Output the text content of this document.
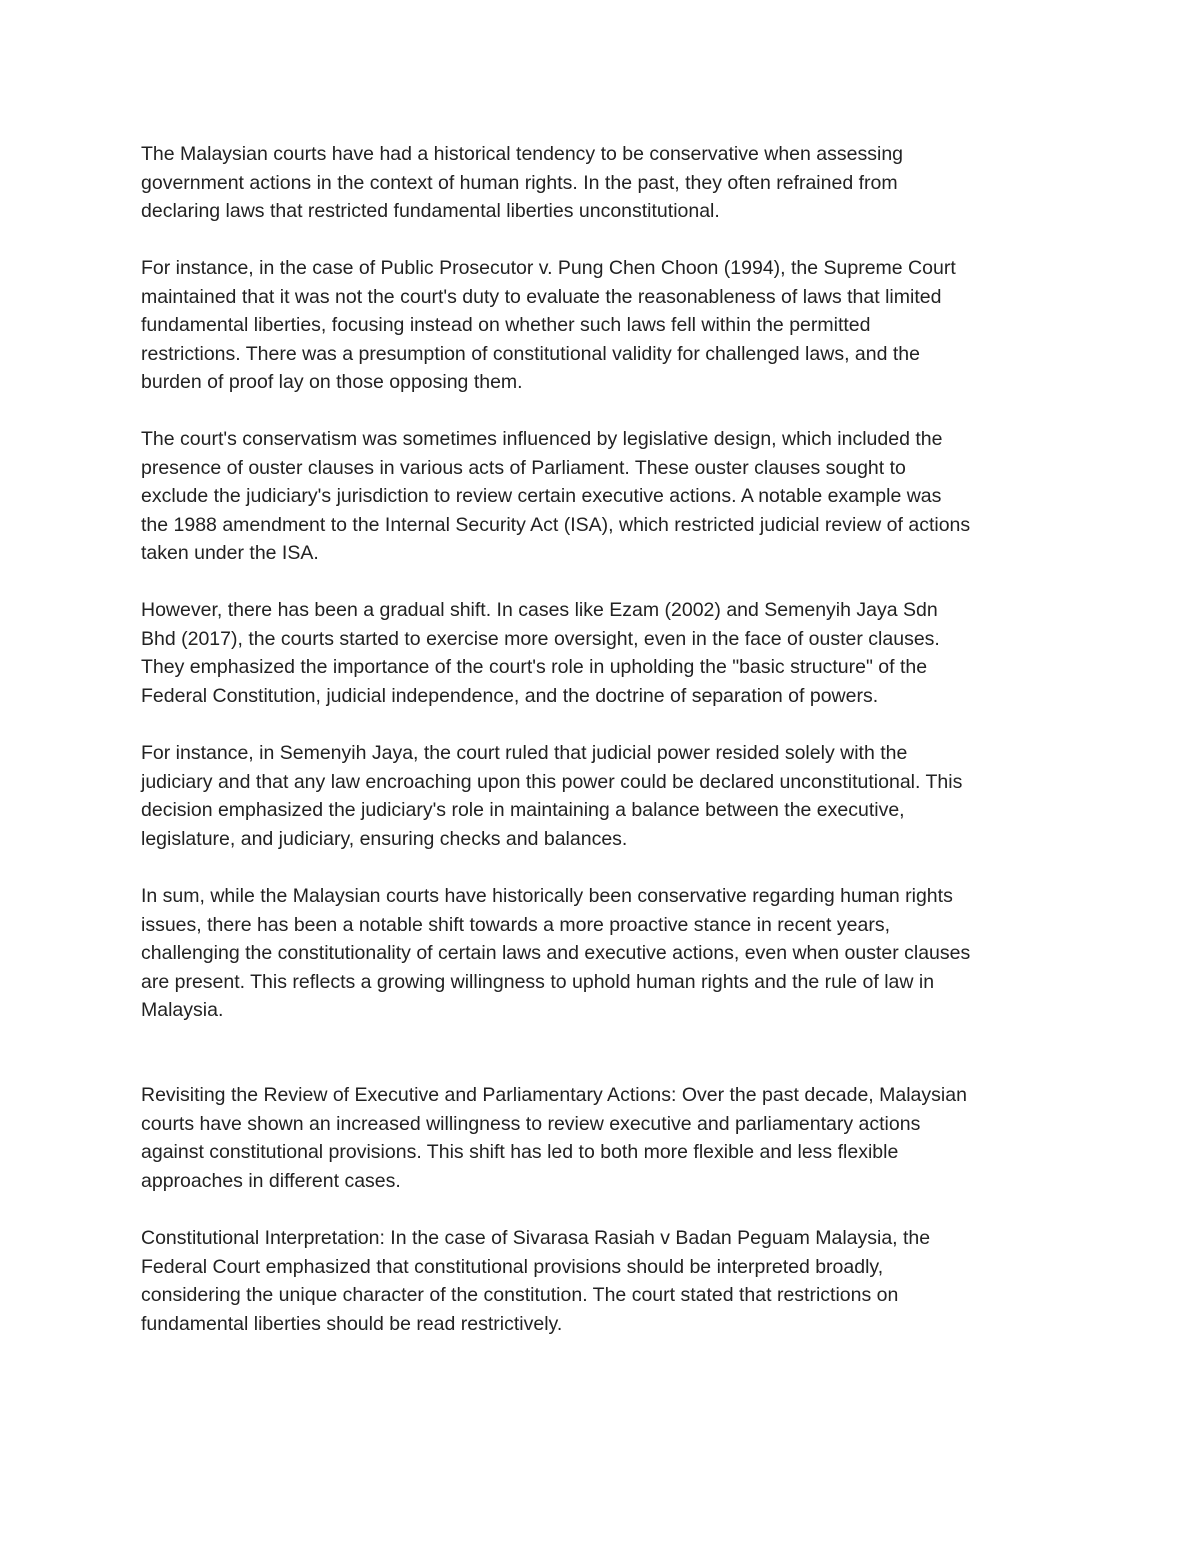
The Malaysian courts have had a historical tendency to be conservative when assessing
government actions in the context of human rights. In the past, they often refrained from
declaring laws that restricted fundamental liberties unconstitutional.

For instance, in the case of Public Prosecutor v. Pung Chen Choon (1994), the Supreme Court
maintained that it was not the court's duty to evaluate the reasonableness of laws that limited
fundamental liberties, focusing instead on whether such laws fell within the permitted
restrictions. There was a presumption of constitutional validity for challenged laws, and the
burden of proof lay on those opposing them.

The court's conservatism was sometimes influenced by legislative design, which included the
presence of ouster clauses in various acts of Parliament. These ouster clauses sought to
exclude the judiciary's jurisdiction to review certain executive actions. A notable example was
the 1988 amendment to the Internal Security Act (ISA), which restricted judicial review of actions
taken under the ISA.

However, there has been a gradual shift. In cases like Ezam (2002) and Semenyih Jaya Sdn
Bhd (2017), the courts started to exercise more oversight, even in the face of ouster clauses.
They emphasized the importance of the court's role in upholding the "basic structure" of the
Federal Constitution, judicial independence, and the doctrine of separation of powers.

For instance, in Semenyih Jaya, the court ruled that judicial power resided solely with the
judiciary and that any law encroaching upon this power could be declared unconstitutional. This
decision emphasized the judiciary's role in maintaining a balance between the executive,
legislature, and judiciary, ensuring checks and balances.

In sum, while the Malaysian courts have historically been conservative regarding human rights
issues, there has been a notable shift towards a more proactive stance in recent years,
challenging the constitutionality of certain laws and executive actions, even when ouster clauses
are present. This reflects a growing willingness to uphold human rights and the rule of law in
Malaysia.

Revisiting the Review of Executive and Parliamentary Actions: Over the past decade, Malaysian
courts have shown an increased willingness to review executive and parliamentary actions
against constitutional provisions. This shift has led to both more flexible and less flexible
approaches in different cases.

Constitutional Interpretation: In the case of Sivarasa Rasiah v Badan Peguam Malaysia, the
Federal Court emphasized that constitutional provisions should be interpreted broadly,
considering the unique character of the constitution. The court stated that restrictions on
fundamental liberties should be read restrictively.
